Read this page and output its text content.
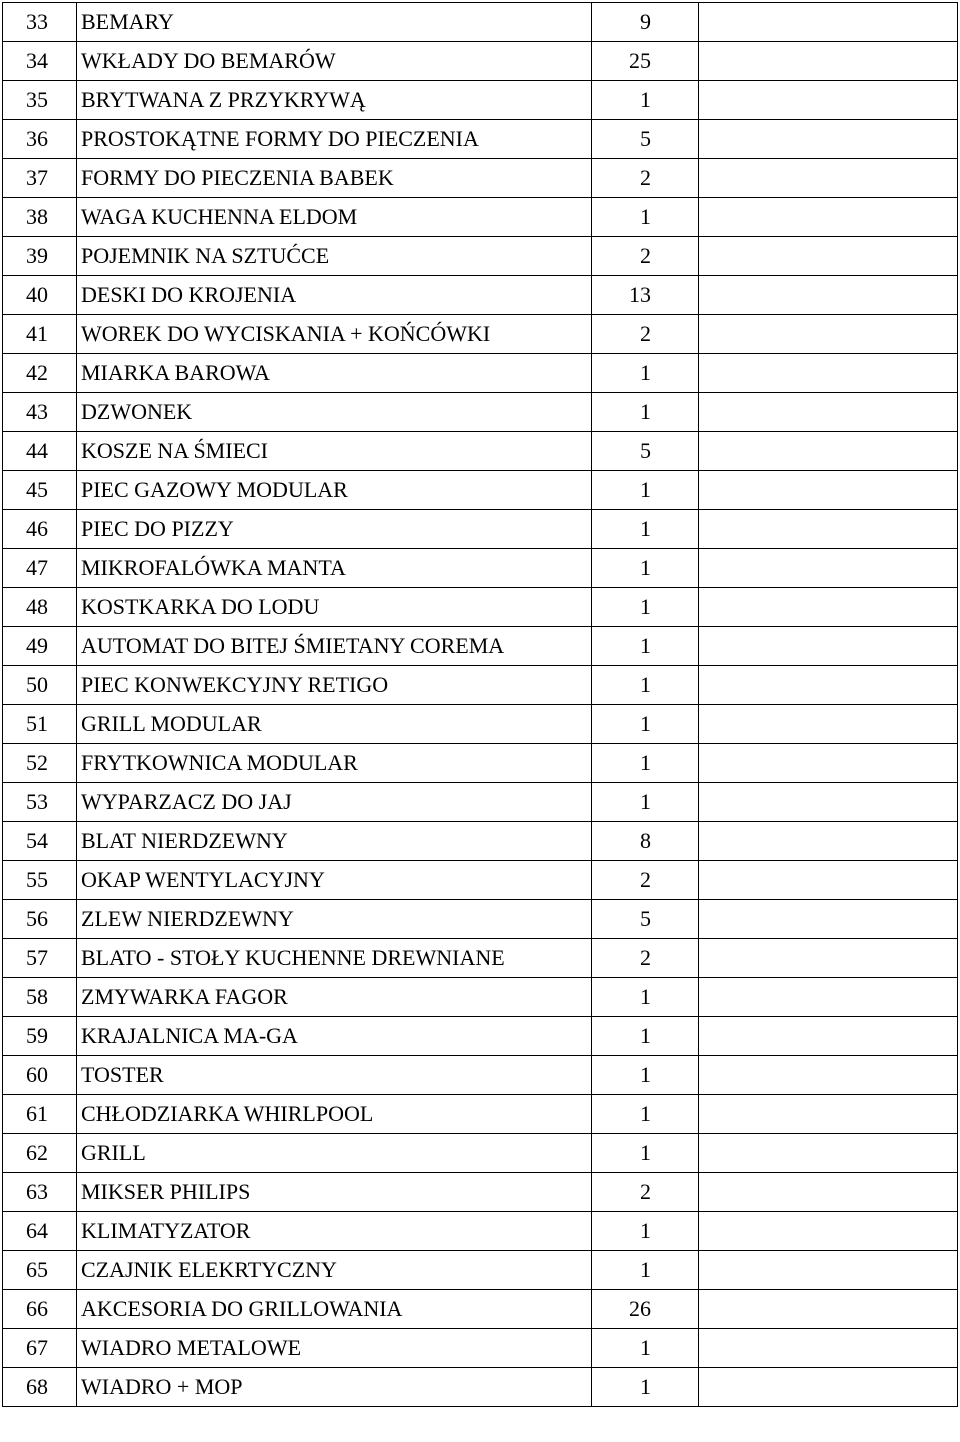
33	BEMARY	9	
34	WKŁADY DO BEMARÓW	25	
35	BRYTWANA Z PRZYKRYWĄ	1	
36	PROSTOKĄTNE FORMY DO PIECZENIA	5	
37	FORMY DO PIECZENIA BABEK	2	
38	WAGA KUCHENNA ELDOM	1	
39	POJEMNIK NA SZTUĆCE	2	
40	DESKI DO KROJENIA	13	
41	WOREK DO WYCISKANIA + KOŃCÓWKI	2	
42	MIARKA BAROWA	1	
43	DZWONEK	1	
44	KOSZE NA ŚMIECI	5	
45	PIEC GAZOWY MODULAR	1	
46	PIEC DO PIZZY	1	
47	MIKROFALÓWKA MANTA	1	
48	KOSTKARKA DO LODU	1	
49	AUTOMAT DO BITEJ ŚMIETANY COREMA	1	
50	PIEC KONWEKCYJNY RETIGO	1	
51	GRILL MODULAR	1	
52	FRYTKOWNICA MODULAR	1	
53	WYPARZACZ DO JAJ	1	
54	BLAT NIERDZEWNY	8	
55	OKAP WENTYLACYJNY	2	
56	ZLEW NIERDZEWNY	5	
57	BLATO - STOŁY KUCHENNE DREWNIANE	2	
58	ZMYWARKA FAGOR	1	
59	KRAJALNICA MA-GA	1	
60	TOSTER	1	
61	CHŁODZIARKA WHIRLPOOL	1	
62	GRILL	1	
63	MIKSER PHILIPS	2	
64	KLIMATYZATOR	1	
65	CZAJNIK ELEKRTYCZNY	1	
66	AKCESORIA DO GRILLOWANIA	26	
67	WIADRO METALOWE	1	
68	WIADRO + MOP	1	
